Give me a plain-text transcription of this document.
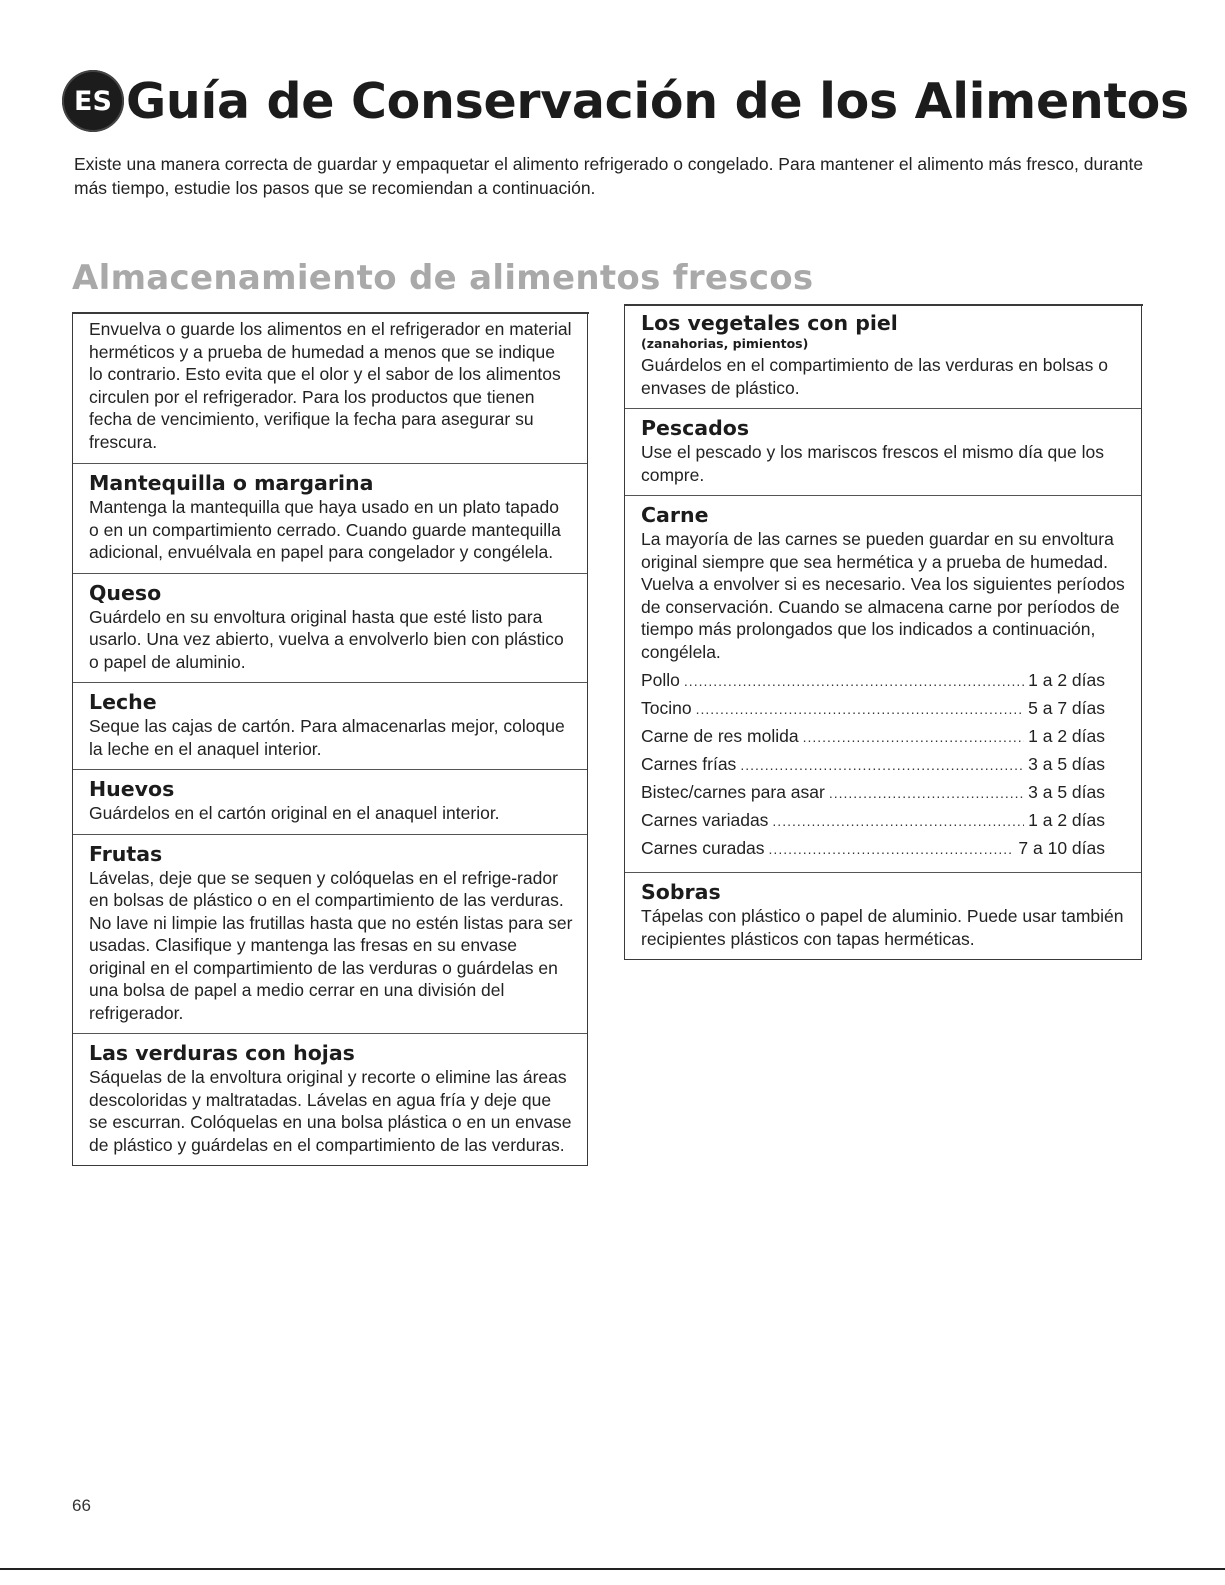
ES Guía de Conservación de los Alimentos
Existe una manera correcta de guardar y empaquetar el alimento refrigerado o congelado. Para mantener el alimento más fresco, durante más tiempo, estudie los pasos que se recomiendan a continuación.
Almacenamiento de alimentos frescos
Envuelva o guarde los alimentos en el refrigerador en material herméticos y a prueba de humedad a menos que se indique lo contrario. Esto evita que el olor y el sabor de los alimentos circulen por el refrigerador. Para los productos que tienen fecha de vencimiento, verifique la fecha para asegurar su frescura.
Mantequilla o margarina
Mantenga la mantequilla que haya usado en un plato tapado o en un compartimiento cerrado. Cuando guarde mantequilla adicional, envuélvala en papel para congelador y congélela.
Queso
Guárdelo en su envoltura original hasta que esté listo para usarlo. Una vez abierto, vuelva a envolverlo bien con plástico o papel de aluminio.
Leche
Seque las cajas de cartón. Para almacenarlas mejor, coloque la leche en el anaquel interior.
Huevos
Guárdelos en el cartón original en el anaquel interior.
Frutas
Lávelas, deje que se sequen y colóquelas en el refrige-rador en bolsas de plástico o en el compartimiento de las verduras. No lave ni limpie las frutillas hasta que no estén listas para ser usadas. Clasifique y mantenga las fresas en su envase original en el compartimiento de las verduras o guárdelas en una bolsa de papel a medio cerrar en una división del refrigerador.
Las verduras con hojas
Sáquelas de la envoltura original y recorte o elimine las áreas descoloridas y maltratadas. Lávelas en agua fría y deje que se escurran. Colóquelas en una bolsa plástica o en un envase de plástico y guárdelas en el compartimiento de las verduras.
Los vegetales con piel
(zanahorias, pimientos)
Guárdelos en el compartimiento de las verduras en bolsas o envases de plástico.
Pescados
Use el pescado y los mariscos frescos el mismo día que los compre.
Carne
La mayoría de las carnes se pueden guardar en su envoltura original siempre que sea hermética y a prueba de humedad. Vuelva a envolver si es necesario. Vea los siguientes períodos de conservación. Cuando se almacena carne por períodos de tiempo más prolongados que los indicados a continuación, congélela.
Pollo .....	1 a 2 días
Tocino .....	5 a 7 días
Carne de res molida .....	1 a 2 días
Carnes frías .....	3 a 5 días
Bistec/carnes para asar .....	3 a 5 días
Carnes variadas .....	1 a 2 días
Carnes curadas .....	7 a 10 días
Sobras
Tápelas con plástico o papel de aluminio. Puede usar también recipientes plásticos con tapas herméticas.
66
